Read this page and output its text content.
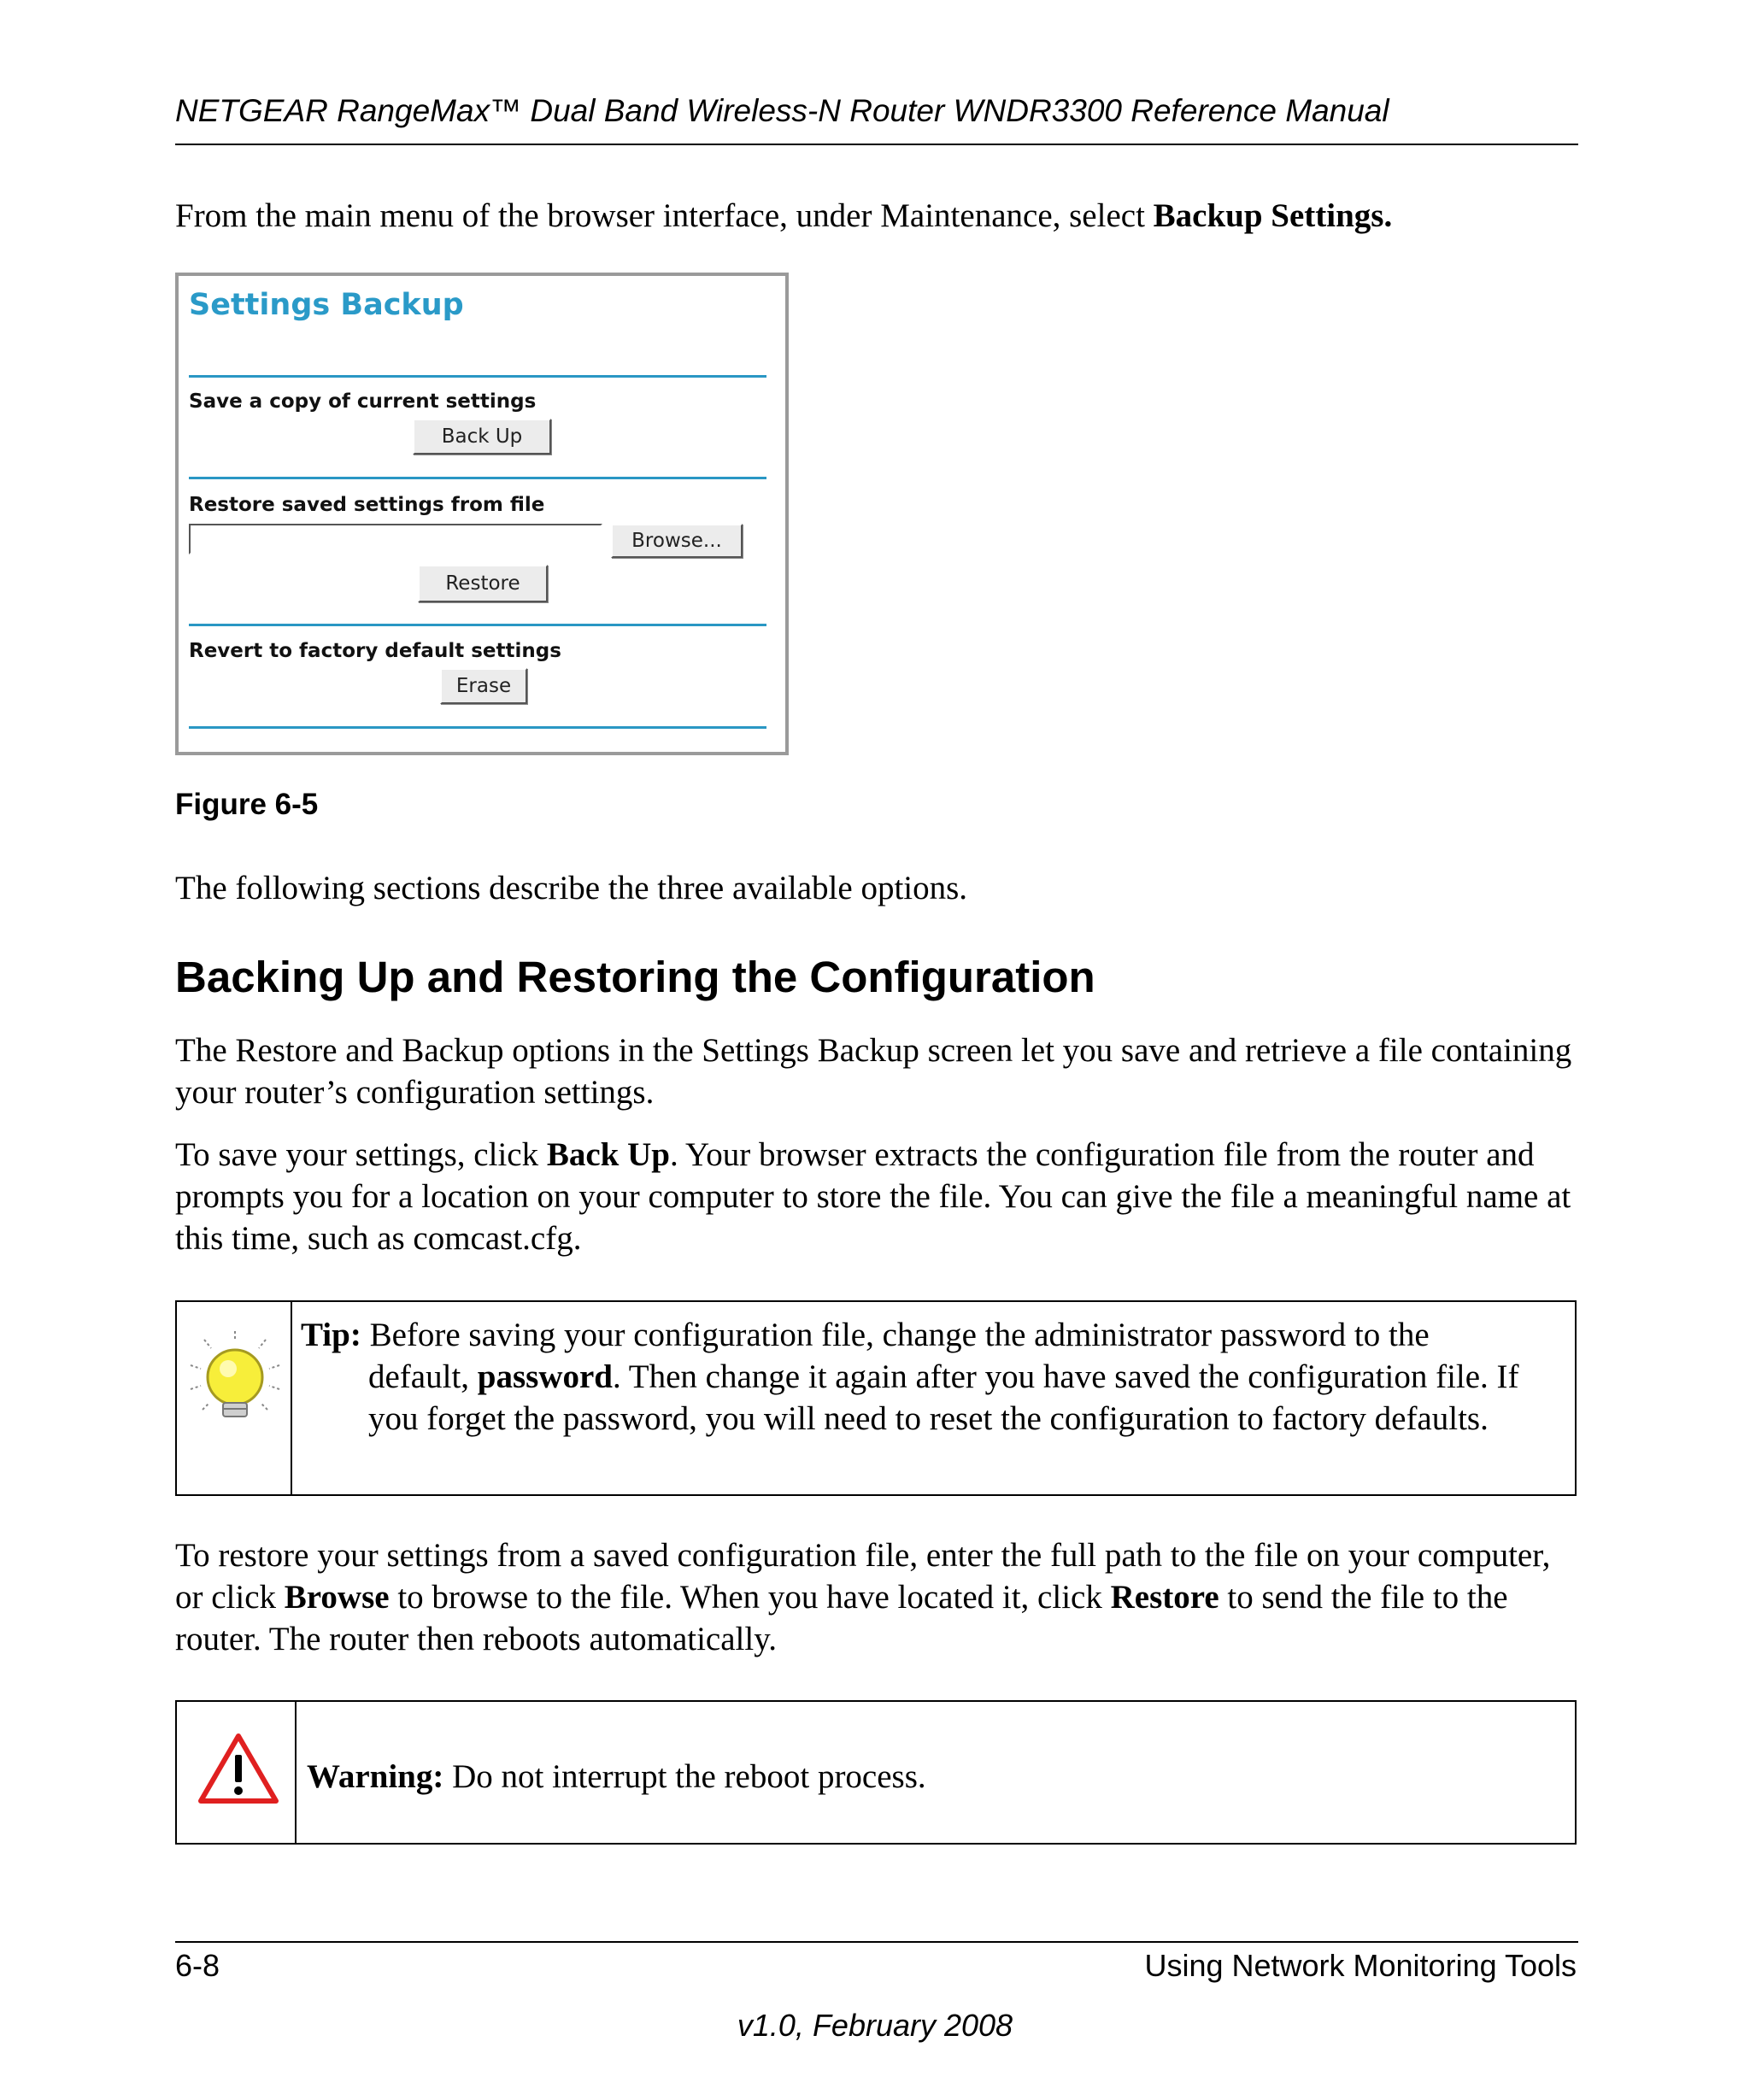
NETGEAR RangeMax™ Dual Band Wireless-N Router WNDR3300 Reference Manual

From the main menu of the browser interface, under Maintenance, select Backup Settings.

Settings Backup
Save a copy of current settings
Back Up
Restore saved settings from file
Browse...
Restore
Revert to factory default settings
Erase
Figure 6-5

The following sections describe the three available options.

Backing Up and Restoring the Configuration

The Restore and Backup options in the Settings Backup screen let you save and retrieve a file containing your router’s configuration settings.

To save your settings, click Back Up. Your browser extracts the configuration file from the router and prompts you for a location on your computer to store the file. You can give the file a meaningful name at this time, such as comcast.cfg.

Tip: Before saving your configuration file, change the administrator password to the
default, password. Then change it again after you have saved the configuration file. If you forget the password, you will need to reset the configuration to factory defaults.

To restore your settings from a saved configuration file, enter the full path to the file on your computer, or click Browse to browse to the file. When you have located it, click Restore to send the file to the router. The router then reboots automatically.

Warning: Do not interrupt the reboot process.
6-8	Using Network Monitoring Tools
v1.0, February 2008
